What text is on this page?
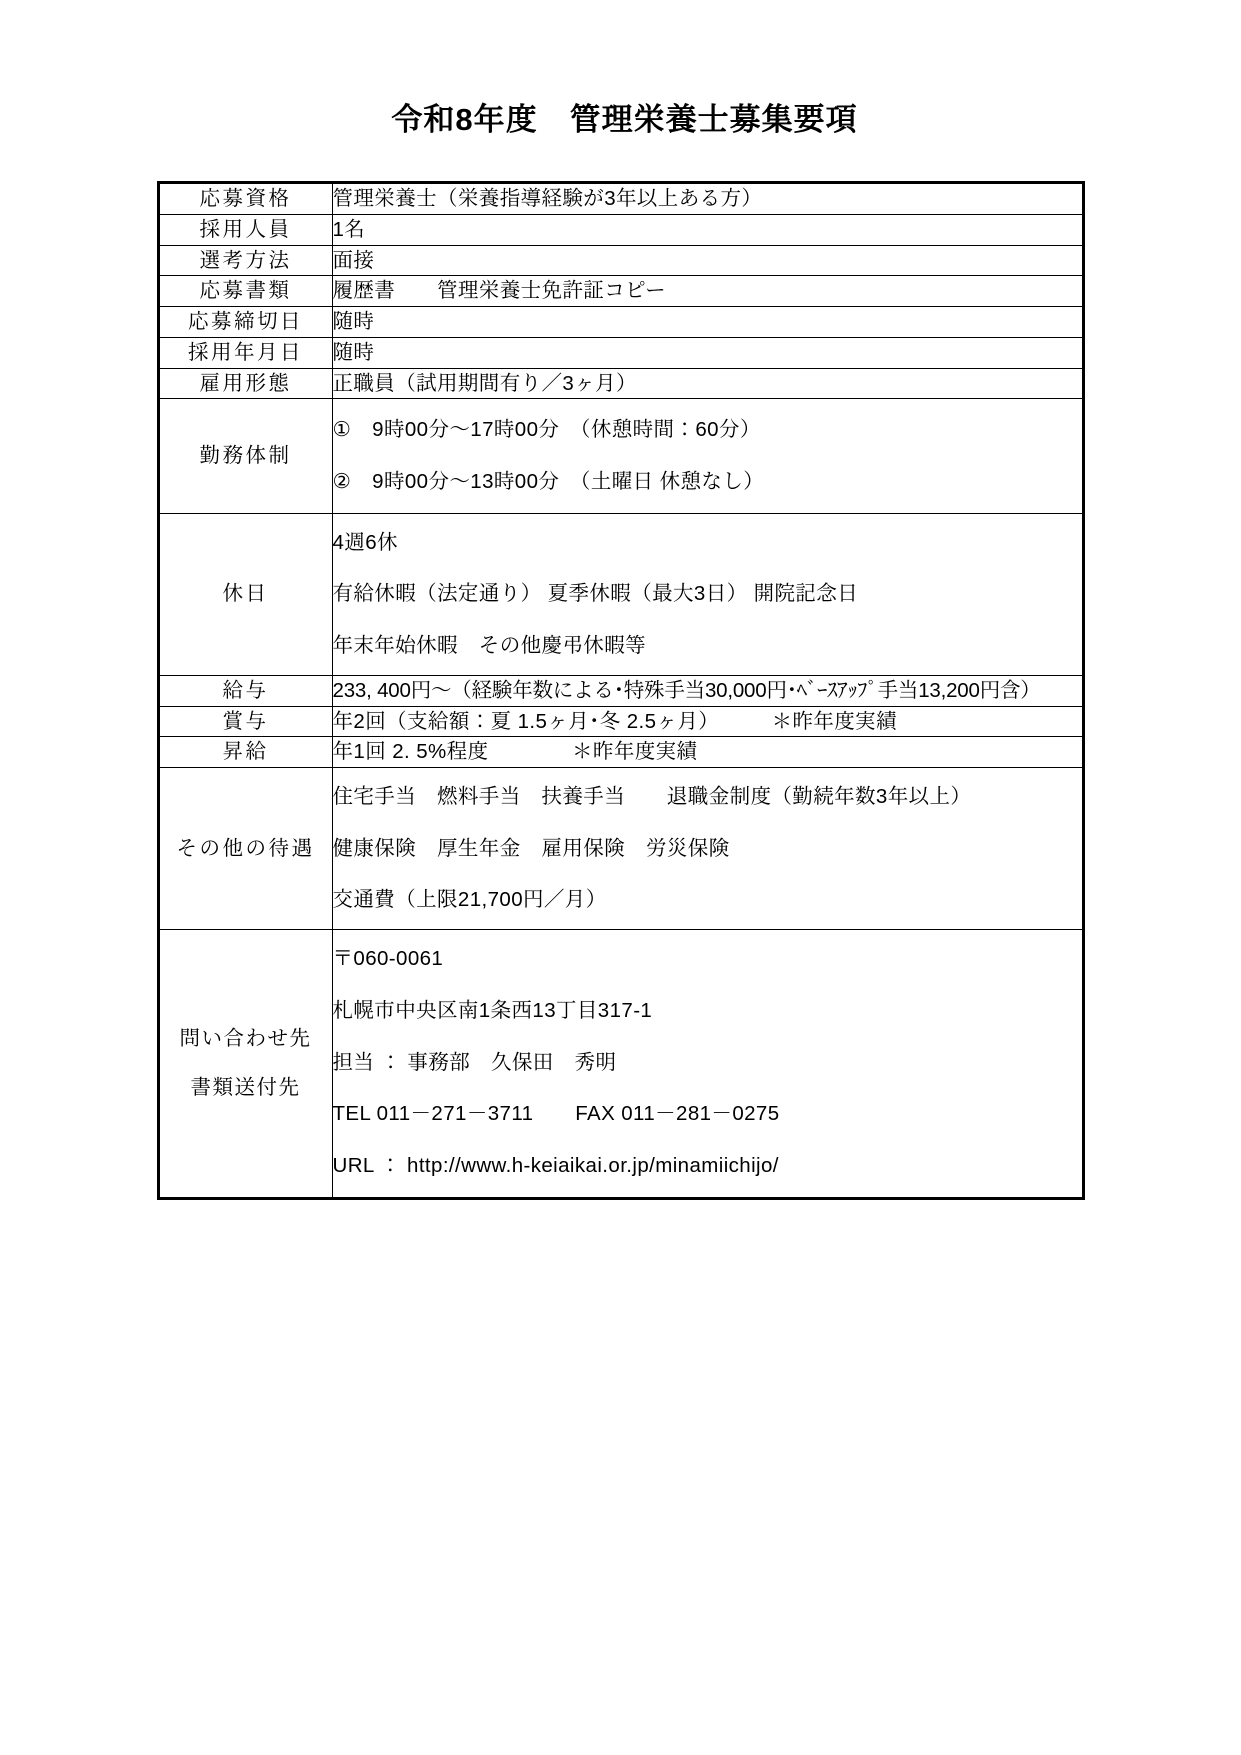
令和8年度　管理栄養士募集要項
応募資格	管理栄養士（栄養指導経験が3年以上ある方）

採用人員	1名

選考方法	面接

応募書類	履歴書　　管理栄養士免許証コピー

応募締切日	随時

採用年月日	随時

雇用形態	正職員（試用期間有り／3ヶ月）

勤務体制	①　9時00分～17時00分　（休憩時間：60分）
②　9時00分～13時00分　（土曜日 休憩なし）

休日	4週6休
有給休暇（法定通り） 夏季休暇（最大3日） 開院記念日
年末年始休暇　その他慶弔休暇等

給与	233, 400円～（経験年数による･特殊手当30,000円･ﾍﾞｰｽｱｯﾌﾟ手当13,200円含）

賞与	年2回（支給額：夏 1.5ヶ月･冬 2.5ヶ月）　　　＊昨年度実績

昇給	年1回 2. 5%程度　　　　＊昨年度実績

その他の待遇	住宅手当　燃料手当　扶養手当　　退職金制度（勤続年数3年以上）
健康保険　厚生年金　雇用保険　労災保険
交通費（上限21,700円／月）

問い合わせ先
書類送付先	〒060-0061
札幌市中央区南1条西13丁目317-1
担当 ： 事務部　久保田　秀明
TEL 011－271－3711　　FAX 011－281－0275
URL ： http://www.h-keiaikai.or.jp/minamiichijo/
